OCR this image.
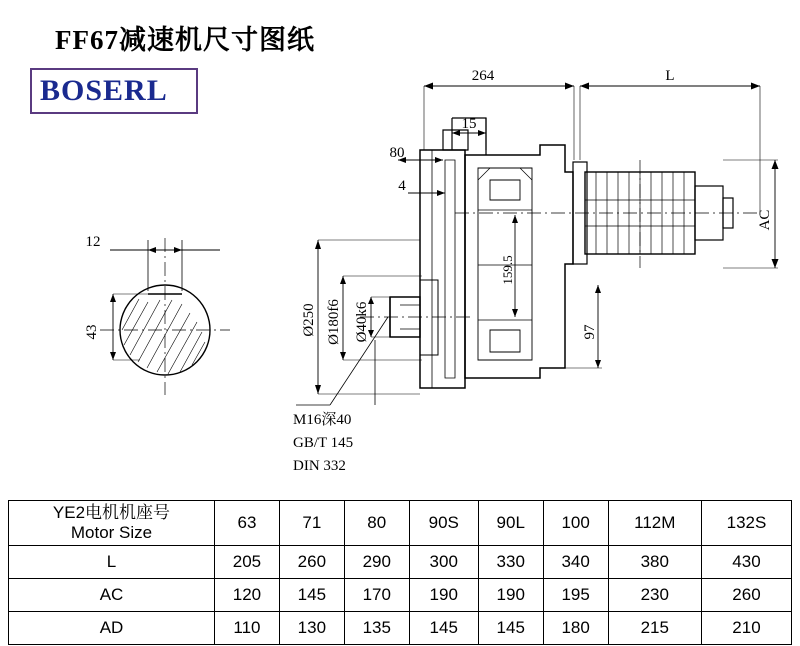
FF67减速机尺寸图纸
BOSERL	264	L
15
80
4
AC
159.5
97
Ø250 Ø180f6 Ø40k6
12
43
M16深40
GB/T 145
DIN 332
YE2电机机座号
Motor Size	63	71	80	90S	90L	100	112M	132S
L	205	260	290	300	330	340	380	430
AC	120	145	170	190	190	195	230	260
AD	110	130	135	145	145	180	215	210
